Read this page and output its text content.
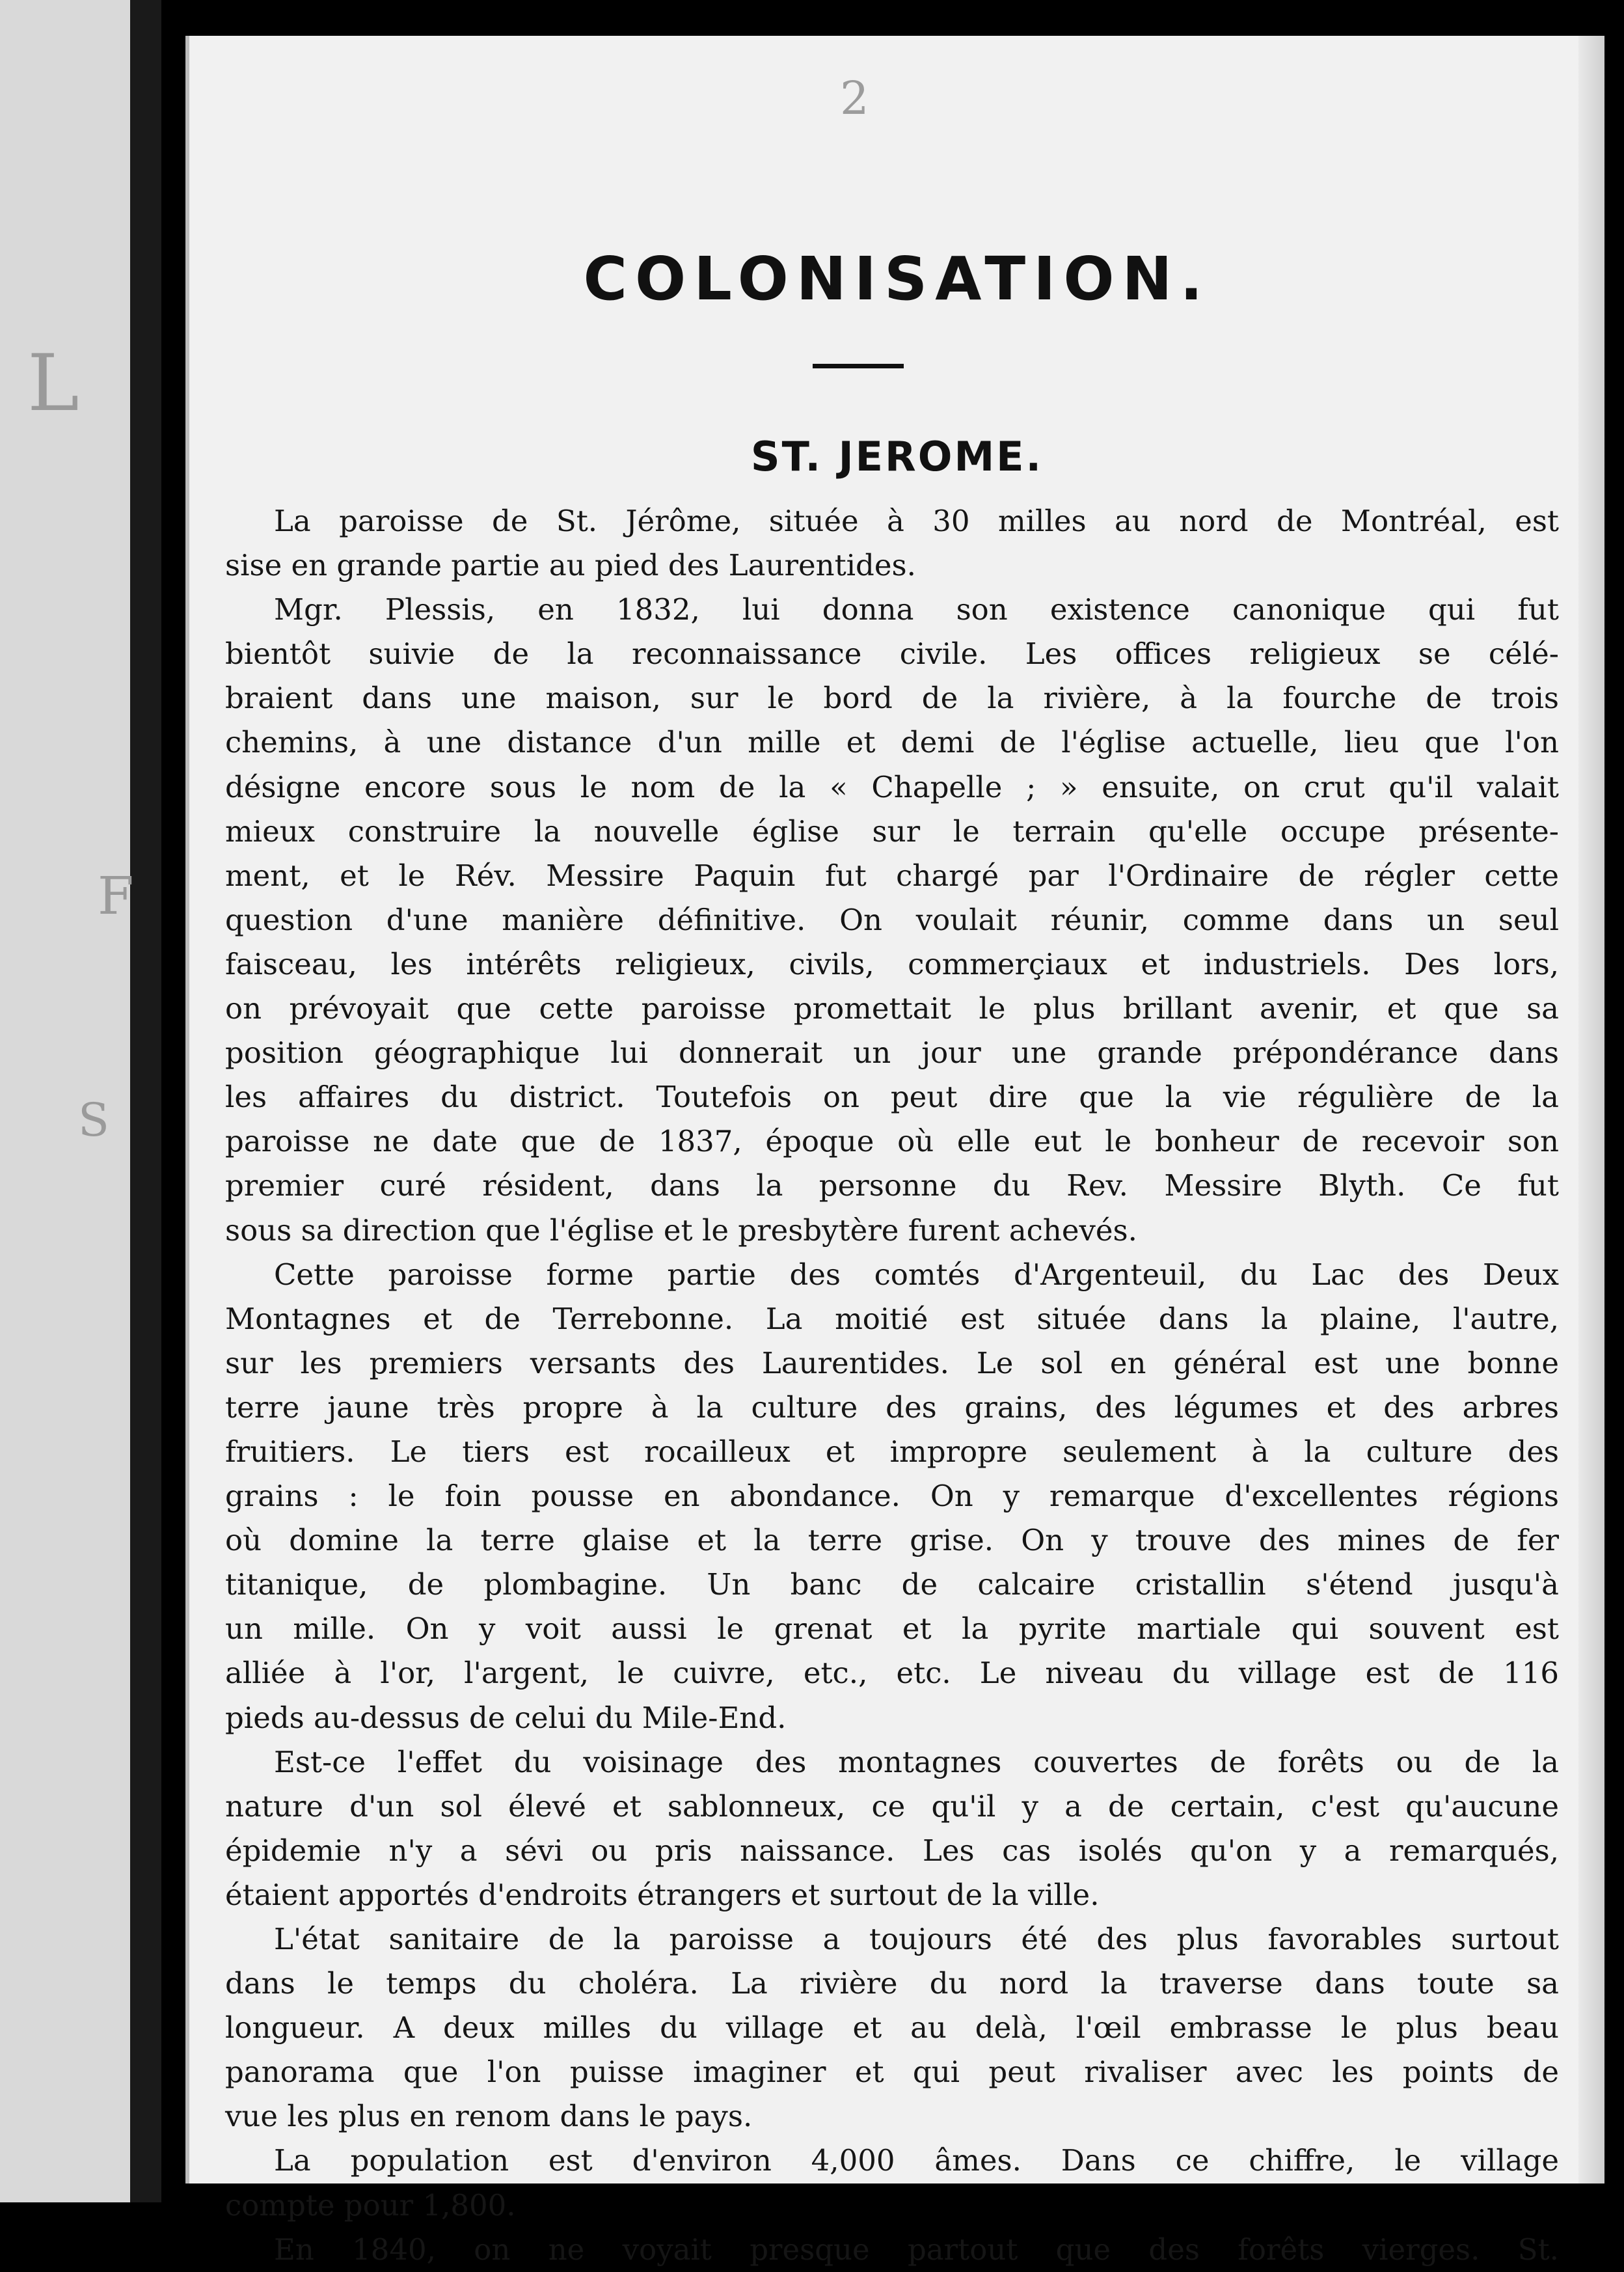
L
F
S
2
COLONISATION.
ST. JEROME.
La paroisse de St. Jérôme, située à 30 milles au nord de Montréal, est
sise en grande partie au pied des Laurentides.
Mgr. Plessis, en 1832, lui donna son existence canonique qui fut
bientôt suivie de la reconnaissance civile. Les offices religieux se célé-
braient dans une maison, sur le bord de la rivière, à la fourche de trois
chemins, à une distance d'un mille et demi de l'église actuelle, lieu que l'on
désigne encore sous le nom de la « Chapelle ; » ensuite, on crut qu'il valait
mieux construire la nouvelle église sur le terrain qu'elle occupe présente-
ment, et le Rév. Messire Paquin fut chargé par l'Ordinaire de régler cette
question d'une manière définitive. On voulait réunir, comme dans un seul
faisceau, les intérêts religieux, civils, commerçiaux et industriels. Des lors,
on prévoyait que cette paroisse promettait le plus brillant avenir, et que sa
position géographique lui donnerait un jour une grande prépondérance dans
les affaires du district. Toutefois on peut dire que la vie régulière de la
paroisse ne date que de 1837, époque où elle eut le bonheur de recevoir son
premier curé résident, dans la personne du Rev. Messire Blyth. Ce fut
sous sa direction que l'église et le presbytère furent achevés.
Cette paroisse forme partie des comtés d'Argenteuil, du Lac des Deux
Montagnes et de Terrebonne. La moitié est située dans la plaine, l'autre,
sur les premiers versants des Laurentides. Le sol en général est une bonne
terre jaune très propre à la culture des grains, des légumes et des arbres
fruitiers. Le tiers est rocailleux et impropre seulement à la culture des
grains : le foin pousse en abondance. On y remarque d'excellentes régions
où domine la terre glaise et la terre grise. On y trouve des mines de fer
titanique, de plombagine. Un banc de calcaire cristallin s'étend jusqu'à
un mille. On y voit aussi le grenat et la pyrite martiale qui souvent est
alliée à l'or, l'argent, le cuivre, etc., etc. Le niveau du village est de 116
pieds au-dessus de celui du Mile-End.
Est-ce l'effet du voisinage des montagnes couvertes de forêts ou de la
nature d'un sol élevé et sablonneux, ce qu'il y a de certain, c'est qu'aucune
épidemie n'y a sévi ou pris naissance. Les cas isolés qu'on y a remarqués,
étaient apportés d'endroits étrangers et surtout de la ville.
L'état sanitaire de la paroisse a toujours été des plus favorables surtout
dans le temps du choléra. La rivière du nord la traverse dans toute sa
longueur. A deux milles du village et au delà, l'œil embrasse le plus beau
panorama que l'on puisse imaginer et qui peut rivaliser avec les points de
vue les plus en renom dans le pays.
La population est d'environ 4,000 âmes. Dans ce chiffre, le village
compte pour 1,800.
En 1840, on ne voyait presque partout que des forêts vierges. St.
